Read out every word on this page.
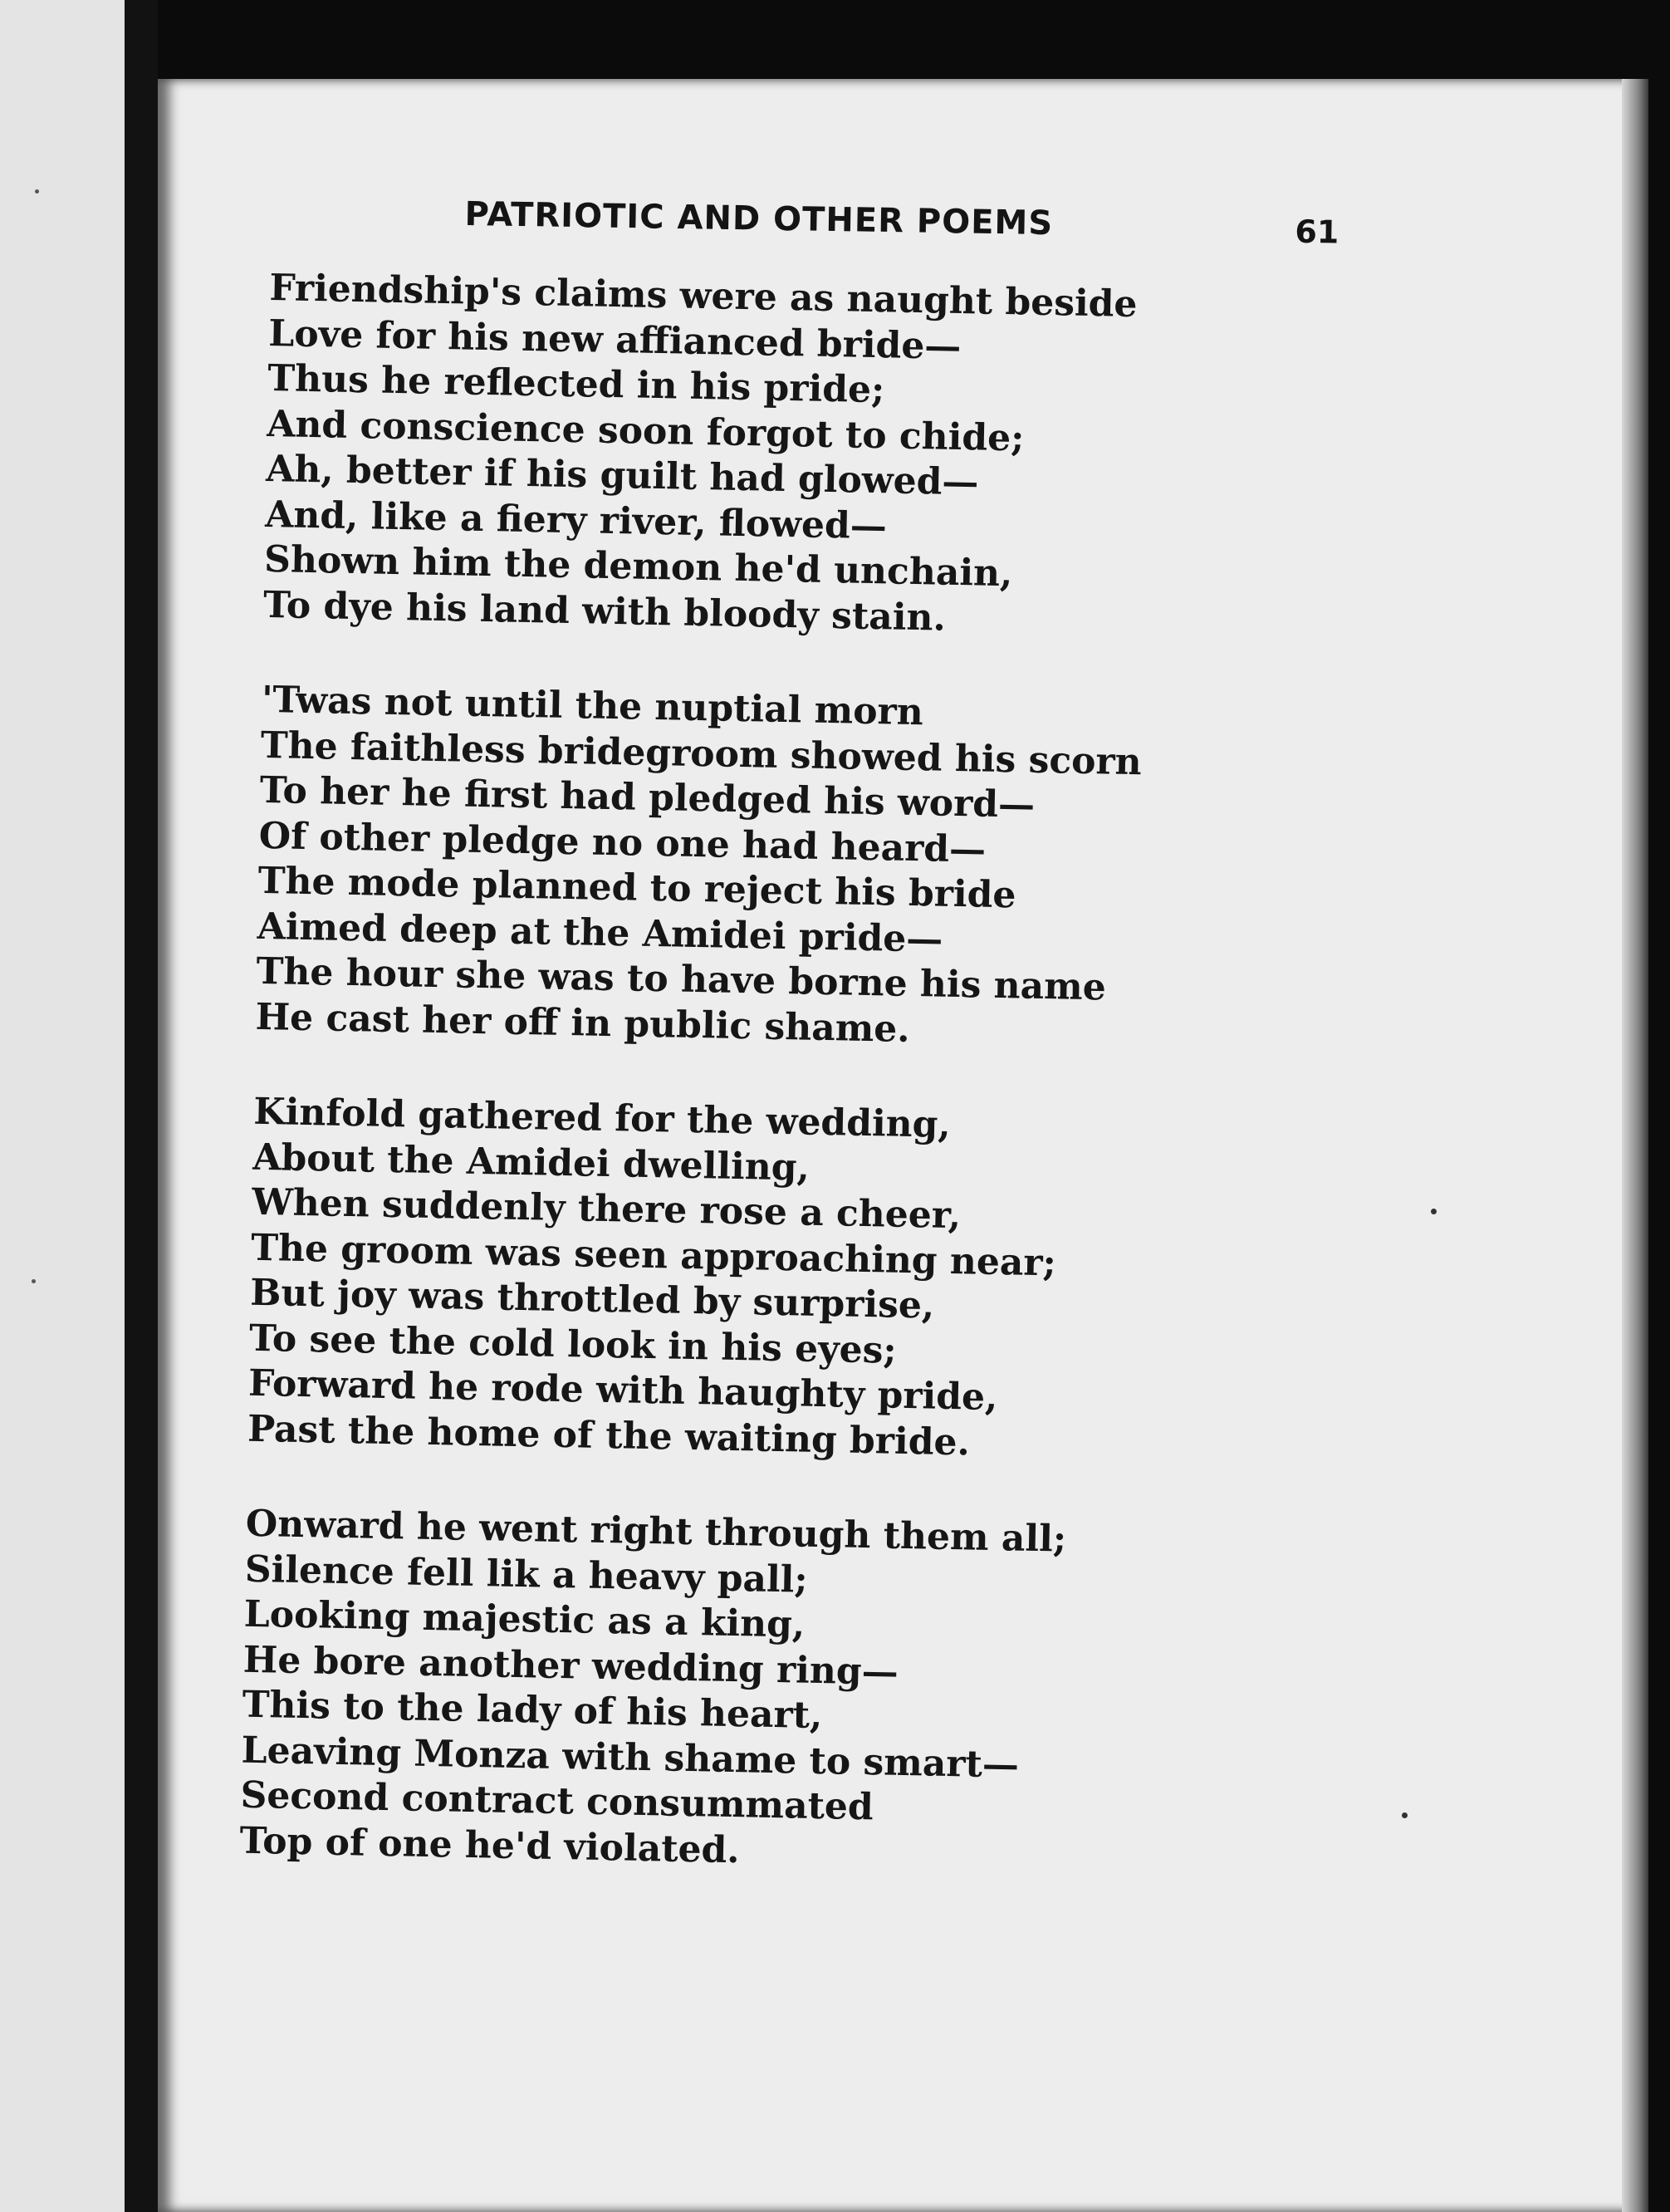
PATRIOTIC AND OTHER POEMS	61
Friendship's claims were as naught beside
Love for his new affianced bride—
Thus he reflected in his pride;
And conscience soon forgot to chide;
Ah, better if his guilt had glowed—
And, like a fiery river, flowed—
Shown him the demon he'd unchain,
To dye his land with bloody stain.
'Twas not until the nuptial morn
The faithless bridegroom showed his scorn
To her he first had pledged his word—
Of other pledge no one had heard—
The mode planned to reject his bride
Aimed deep at the Amidei pride—
The hour she was to have borne his name
He cast her off in public shame.
Kinfold gathered for the wedding,
About the Amidei dwelling,
When suddenly there rose a cheer,
The groom was seen approaching near;
But joy was throttled by surprise,
To see the cold look in his eyes;
Forward he rode with haughty pride,
Past the home of the waiting bride.
Onward he went right through them all;
Silence fell lik a heavy pall;
Looking majestic as a king,
He bore another wedding ring—
This to the lady of his heart,
Leaving Monza with shame to smart—
Second contract consummated
Top of one he'd violated.
